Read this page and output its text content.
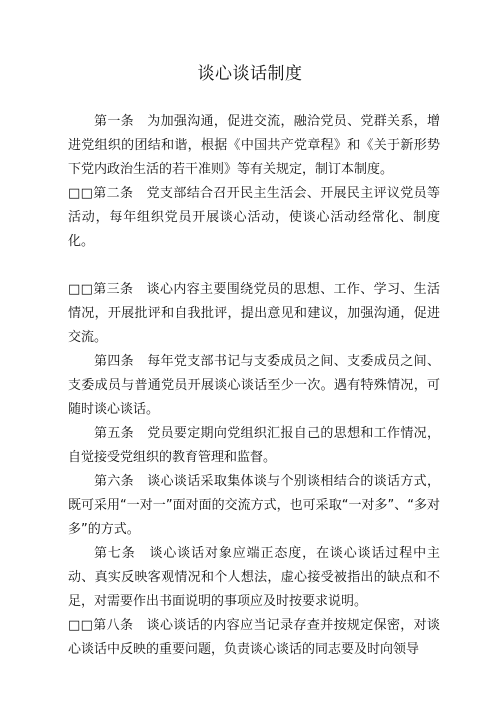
谈心谈话制度

第一条　为加强沟通，促进交流，融洽党员、党群关系，增进党组织的团结和谐，根据《中国共产党章程》和《关于新形势下党内政治生活的若干准则》等有关规定，制订本制度。

□□第二条　党支部结合召开民主生活会、开展民主评议党员等活动，每年组织党员开展谈心活动，使谈心活动经常化、制度化。

□□第三条　谈心内容主要围绕党员的思想、工作、学习、生活情况，开展批评和自我批评，提出意见和建议，加强沟通，促进交流。

第四条　每年党支部书记与支委成员之间、支委成员之间、支委成员与普通党员开展谈心谈话至少一次。遇有特殊情况，可随时谈心谈话。

第五条　党员要定期向党组织汇报自己的思想和工作情况，自觉接受党组织的教育管理和监督。

第六条　谈心谈话采取集体谈与个别谈相结合的谈话方式，既可采用“一对一”面对面的交流方式，也可采取“一对多”、“多对多”的方式。

第七条　谈心谈话对象应端正态度，在谈心谈话过程中主动、真实反映客观情况和个人想法，虚心接受被指出的缺点和不足，对需要作出书面说明的事项应及时按要求说明。

□□第八条　谈心谈话的内容应当记录存查并按规定保密，对谈心谈话中反映的重要问题，负责谈心谈话的同志要及时向领导
